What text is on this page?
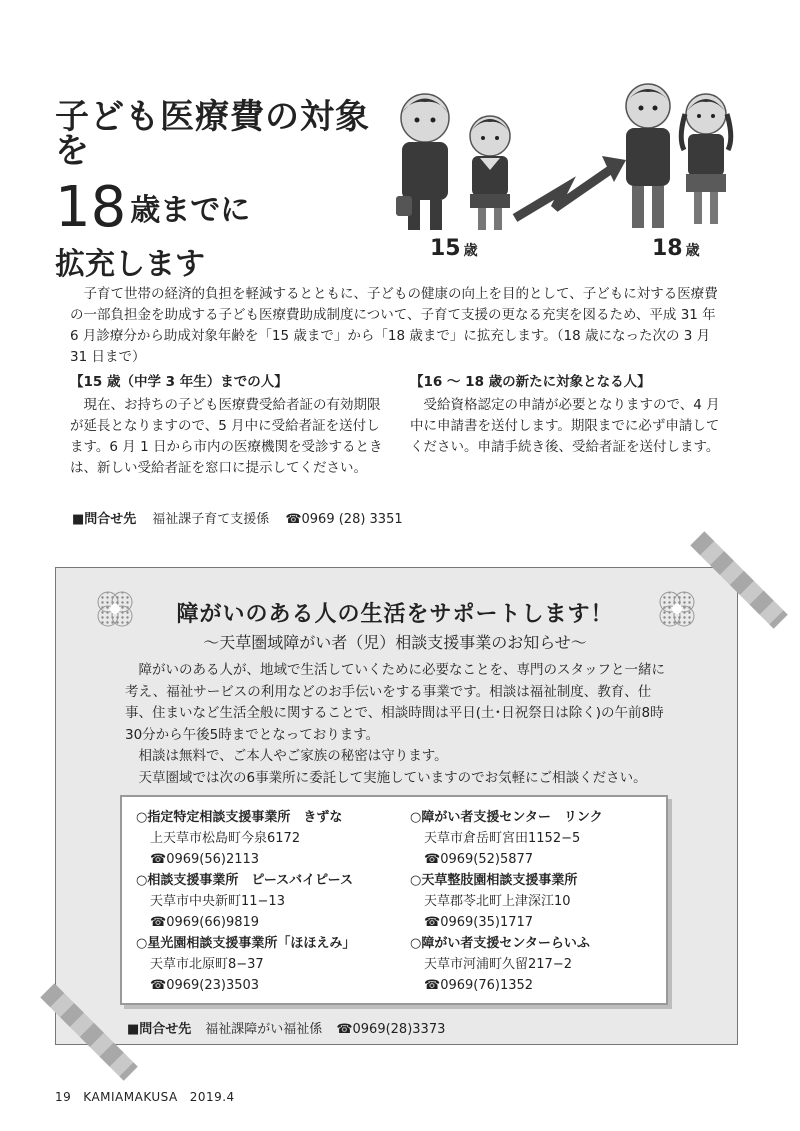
子ども医療費の対象を
18 歳までに
拡充します	15 歳	18 歳

子育て世帯の経済的負担を軽減するとともに、子どもの健康の向上を目的として、子どもに対する医療費の一部負担金を助成する子ども医療費助成制度について、子育て支援の更なる充実を図るため、平成 31 年 6 月診療分から助成対象年齢を「15 歳まで」から「18 歳まで」に拡充します。（18 歳になった次の 3 月 31 日まで）

【15 歳（中学 3 年生）までの人】
現在、お持ちの子ども医療費受給者証の有効期限が延長となりますので、5 月中に受給者証を送付します。6 月 1 日から市内の医療機関を受診するときは、新しい受給者証を窓口に提示してください。
【16 ～ 18 歳の新たに対象となる人】
受給資格認定の申請が必要となりますので、4 月中に申請書を送付します。期限までに必ず申請してください。申請手続き後、受給者証を送付します。
■問合せ先 福祉課子育て支援係 ☎0969 (28) 3351
障がいのある人の生活をサポートします！
～天草圏域障がい者（児）相談支援事業のお知らせ～

障がいのある人が、地域で生活していくために必要なことを、専門のスタッフと一緒に考え、福祉サービスの利用などのお手伝いをする事業です。相談は福祉制度、教育、仕事、住まいなど生活全般に関することで、相談時間は平日(土･日祝祭日は除く)の午前8時30分から午後5時までとなっております。

相談は無料で、ご本人やご家族の秘密は守ります。

天草圏域では次の6事業所に委託して実施していますのでお気軽にご相談ください。

○指定特定相談支援事業所　きずな
上天草市松島町今泉6172
☎0969(56)2113
○障がい者支援センター　リンク
天草市倉岳町宮田1152−5
☎0969(52)5877
○相談支援事業所　ピースバイピース
天草市中央新町11−13
☎0969(66)9819
○天草整肢園相談支援事業所
天草郡苓北町上津深江10
☎0969(35)1717
○星光園相談支援事業所「ほほえみ」
天草市北原町8−37
☎0969(23)3503
○障がい者支援センターらいふ
天草市河浦町久留217−2
☎0969(76)1352
■問合せ先 福祉課障がい福祉係 ☎0969(28)3373
19 KAMIAMAKUSA 2019.4
